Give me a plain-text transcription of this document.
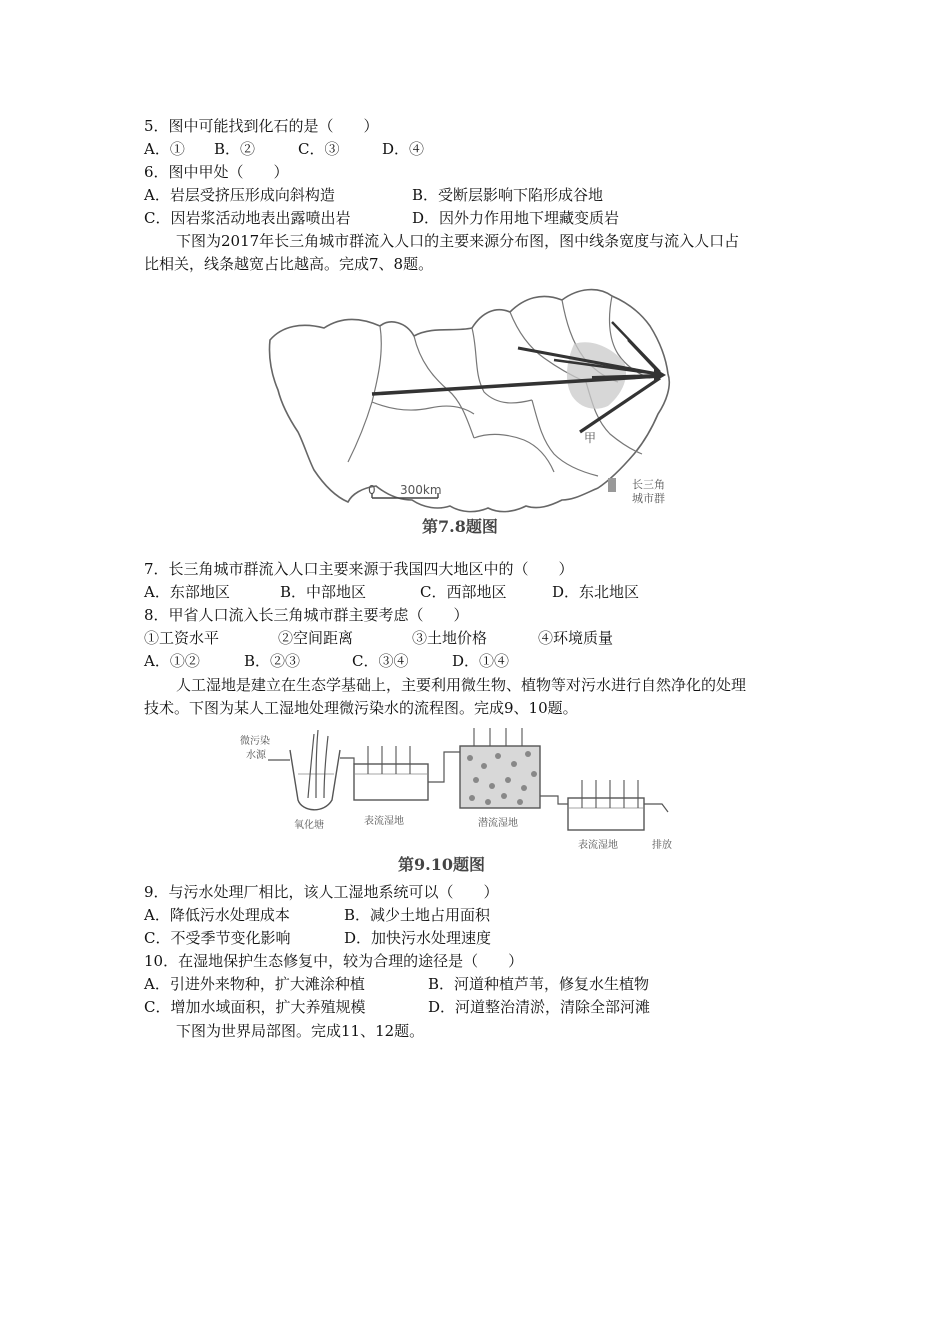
5．图中可能找到化石的是（　　）
A．①	B．②	C．③	D．④
6．图中甲处（　　）
A．岩层受挤压形成向斜构造	B．受断层影响下陷形成谷地
C．因岩浆活动地表出露喷出岩	D．因外力作用地下埋藏变质岩
下图为2017年长三角城市群流入人口的主要来源分布图，图中线条宽度与流入人口占
比相关，线条越宽占比越高。完成7、8题。
甲
0 300km	长三角
城市群
第7.8题图
7．长三角城市群流入人口主要来源于我国四大地区中的（　　）
A．东部地区	B．中部地区	C．西部地区	D．东北地区
8．甲省人口流入长三角城市群主要考虑（　　）
①工资水平	②空间距离	③土地价格	④环境质量
A．①②	B．②③	C．③④	D．①④
人工湿地是建立在生态学基础上，主要利用微生物、植物等对污水进行自然净化的处理
技术。下图为某人工湿地处理微污染水的流程图。完成9、10题。
微污染
水源
氧化塘	表流湿地	潜流湿地
表流湿地	排放
第9.10题图
9．与污水处理厂相比，该人工湿地系统可以（　　）
A．降低污水处理成本	B．减少土地占用面积
C．不受季节变化影响	D．加快污水处理速度
10．在湿地保护生态修复中，较为合理的途径是（　　）
A．引进外来物种，扩大滩涂种植	B．河道种植芦苇，修复水生植物
C．增加水域面积，扩大养殖规模	D．河道整治清淤，清除全部河滩
下图为世界局部图。完成11、12题。
